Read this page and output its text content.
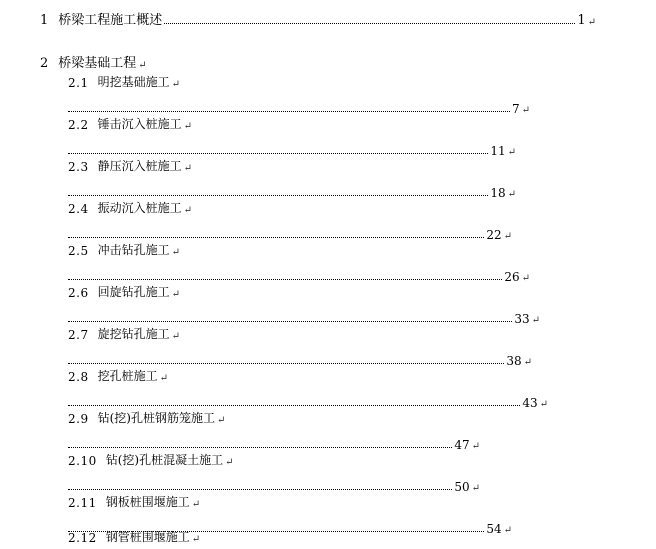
1 桥梁工程施工概述	1 ↵
2 桥梁基础工程 ↵
2.1 明挖基础施工 ↵
7 ↵
2.2 锤击沉入桩施工 ↵
11 ↵
2.3 静压沉入桩施工 ↵
18 ↵
2.4 振动沉入桩施工 ↵
22 ↵
2.5 冲击钻孔施工 ↵
26 ↵
2.6 回旋钻孔施工 ↵
33 ↵
2.7 旋挖钻孔施工 ↵
38 ↵
2.8 挖孔桩施工 ↵
43 ↵
2.9 钻(挖)孔桩钢筋笼施工 ↵
47 ↵
2.10 钻(挖)孔桩混凝土施工 ↵
50 ↵
2.11 钢板桩围堰施工 ↵
54 ↵
2.12 钢管桩围堰施工 ↵
